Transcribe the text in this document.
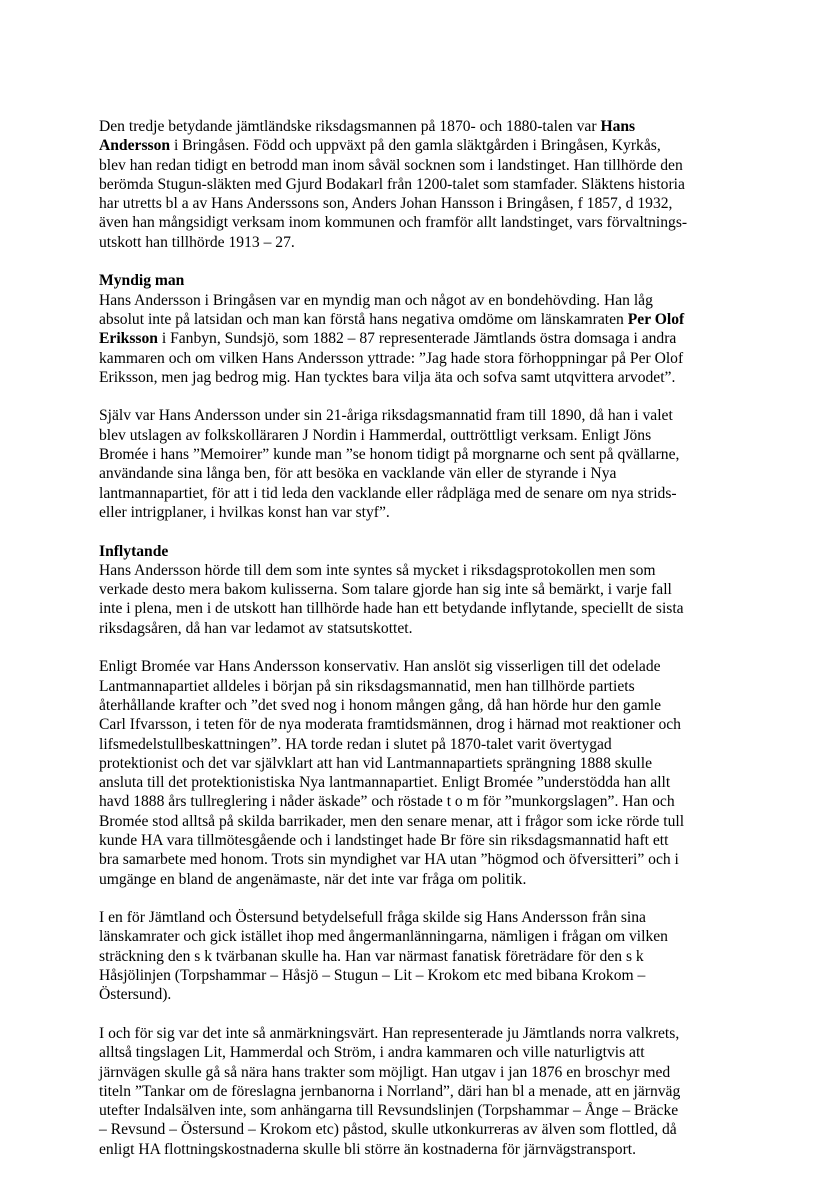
Den tredje betydande jämtländske riksdagsmannen på 1870- och 1880-talen var Hans
Andersson i Bringåsen. Född och uppväxt på den gamla släktgården i Bringåsen, Kyrkås,
blev han redan tidigt en betrodd man inom såväl socknen som i landstinget. Han tillhörde den
berömda Stugun-släkten med Gjurd Bodakarl från 1200-talet som stamfader. Släktens historia
har utretts bl a av Hans Anderssons son, Anders Johan Hansson i Bringåsen, f 1857, d 1932,
även han mångsidigt verksam inom kommunen och framför allt landstinget, vars förvaltnings-
utskott han tillhörde 1913 – 27.
Myndig man
Hans Andersson i Bringåsen var en myndig man och något av en bondehövding. Han låg
absolut inte på latsidan och man kan förstå hans negativa omdöme om länskamraten Per Olof
Eriksson i Fanbyn, Sundsjö, som 1882 – 87 representerade Jämtlands östra domsaga i andra
kammaren och om vilken Hans Andersson yttrade: ”Jag hade stora förhoppningar på Per Olof
Eriksson, men jag bedrog mig. Han tycktes bara vilja äta och sofva samt utqvittera arvodet”.
Själv var Hans Andersson under sin 21-åriga riksdagsmannatid fram till 1890, då han i valet
blev utslagen av folkskolläraren J Nordin i Hammerdal, outtröttligt verksam. Enligt Jöns
Bromée i hans ”Memoirer” kunde man ”se honom tidigt på morgnarne och sent på qvällarne,
användande sina långa ben, för att besöka en vacklande vän eller de styrande i Nya
lantmannapartiet, för att i tid leda den vacklande eller rådpläga med de senare om nya strids-
eller intrigplaner, i hvilkas konst han var styf”.
Inflytande
Hans Andersson hörde till dem som inte syntes så mycket i riksdagsprotokollen men som
verkade desto mera bakom kulisserna. Som talare gjorde han sig inte så bemärkt, i varje fall
inte i plena, men i de utskott han tillhörde hade han ett betydande inflytande, speciellt de sista
riksdagsåren, då han var ledamot av statsutskottet.
Enligt Bromée var Hans Andersson konservativ. Han anslöt sig visserligen till det odelade
Lantmannapartiet alldeles i början på sin riksdagsmannatid, men han tillhörde partiets
återhållande krafter och ”det sved nog i honom mången gång, då han hörde hur den gamle
Carl Ifvarsson, i teten för de nya moderata framtidsmännen, drog i härnad mot reaktioner och
lifsmedelstullbeskattningen”. HA torde redan i slutet på 1870-talet varit övertygad
protektionist och det var självklart att han vid Lantmannapartiets sprängning 1888 skulle
ansluta till det protektionistiska Nya lantmannapartiet. Enligt Bromée ”understödda han allt
havd 1888 års tullreglering i nåder äskade” och röstade t o m för ”munkorgslagen”. Han och
Bromée stod alltså på skilda barrikader, men den senare menar, att i frågor som icke rörde tull
kunde HA vara tillmötesgående och i landstinget hade Br före sin riksdagsmannatid haft ett
bra samarbete med honom. Trots sin myndighet var HA utan ”högmod och öfversitteri” och i
umgänge en bland de angenämaste, när det inte var fråga om politik.
I en för Jämtland och Östersund betydelsefull fråga skilde sig Hans Andersson från sina
länskamrater och gick istället ihop med ångermanlänningarna, nämligen i frågan om vilken
sträckning den s k tvärbanan skulle ha. Han var närmast fanatisk företrädare för den s k
Håsjölinjen (Torpshammar – Håsjö – Stugun – Lit – Krokom etc med bibana Krokom –
Östersund).
I och för sig var det inte så anmärkningsvärt. Han representerade ju Jämtlands norra valkrets,
alltså tingslagen Lit, Hammerdal och Ström, i andra kammaren och ville naturligtvis att
järnvägen skulle gå så nära hans trakter som möjligt. Han utgav i jan 1876 en broschyr med
titeln ”Tankar om de föreslagna jernbanorna i Norrland”, däri han bl a menade, att en järnväg
utefter Indalsälven inte, som anhängarna till Revsundslinjen (Torpshammar – Ånge – Bräcke
– Revsund – Östersund – Krokom etc) påstod, skulle utkonkurreras av älven som flottled, då
enligt HA flottningskostnaderna skulle bli större än kostnaderna för järnvägstransport.
